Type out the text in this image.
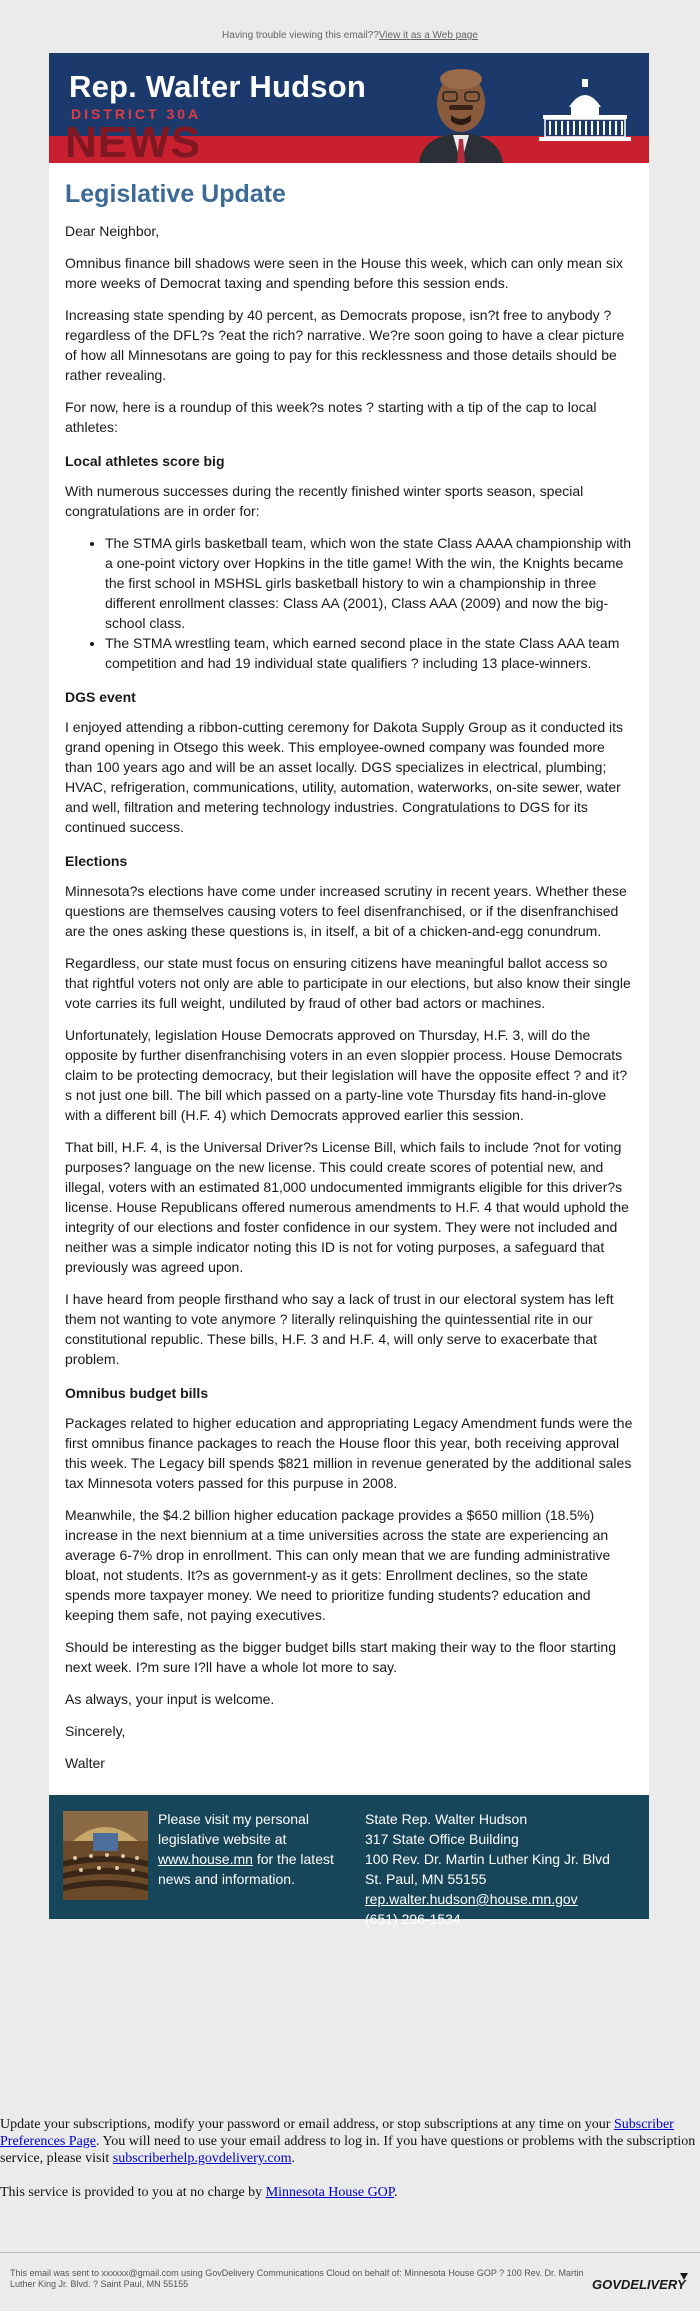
Having trouble viewing this email??View it as a Web page
NEWS
Rep. Walter Hudson
DISTRICT 30A
Legislative Update

Dear Neighbor,

Omnibus finance bill shadows were seen in the House this week, which can only mean six more weeks of Democrat taxing and spending before this session ends.

Increasing state spending by 40 percent, as Democrats propose, isn?t free to anybody ? regardless of the DFL?s ?eat the rich? narrative. We?re soon going to have a clear picture of how all Minnesotans are going to pay for this recklessness and those details should be rather revealing.

For now, here is a roundup of this week?s notes ? starting with a tip of the cap to local athletes:

Local athletes score big

With numerous successes during the recently finished winter sports season, special congratulations are in order for:

• The STMA girls basketball team, which won the state Class AAAA championship with a one-point victory over Hopkins in the title game! With the win, the Knights became the first school in MSHSL girls basketball history to win a championship in three different enrollment classes: Class AA (2001), Class AAA (2009) and now the big-school class.
• The STMA wrestling team, which earned second place in the state Class AAA team competition and had 19 individual state qualifiers ? including 13 place-winners.
DGS event

I enjoyed attending a ribbon-cutting ceremony for Dakota Supply Group as it conducted its grand opening in Otsego this week. This employee-owned company was founded more than 100 years ago and will be an asset locally. DGS specializes in electrical, plumbing; HVAC, refrigeration, communications, utility, automation, waterworks, on-site sewer, water and well, filtration and metering technology industries. Congratulations to DGS for its continued success.

Elections

Minnesota?s elections have come under increased scrutiny in recent years. Whether these questions are themselves causing voters to feel disenfranchised, or if the disenfranchised are the ones asking these questions is, in itself, a bit of a chicken-and-egg conundrum.

Regardless, our state must focus on ensuring citizens have meaningful ballot access so that rightful voters not only are able to participate in our elections, but also know their single vote carries its full weight, undiluted by fraud of other bad actors or machines.

Unfortunately, legislation House Democrats approved on Thursday, H.F. 3, will do the opposite by further disenfranchising voters in an even sloppier process. House Democrats claim to be protecting democracy, but their legislation will have the opposite effect ? and it?s not just one bill. The bill which passed on a party-line vote Thursday fits hand-in-glove with a different bill (H.F. 4) which Democrats approved earlier this session.

That bill, H.F. 4, is the Universal Driver?s License Bill, which fails to include ?not for voting purposes? language on the new license. This could create scores of potential new, and illegal, voters with an estimated 81,000 undocumented immigrants eligible for this driver?s license. House Republicans offered numerous amendments to H.F. 4 that would uphold the integrity of our elections and foster confidence in our system. They were not included and neither was a simple indicator noting this ID is not for voting purposes, a safeguard that previously was agreed upon.

I have heard from people firsthand who say a lack of trust in our electoral system has left them not wanting to vote anymore ? literally relinquishing the quintessential rite in our constitutional republic. These bills, H.F. 3 and H.F. 4, will only serve to exacerbate that problem.

Omnibus budget bills

Packages related to higher education and appropriating Legacy Amendment funds were the first omnibus finance packages to reach the House floor this year, both receiving approval this week. The Legacy bill spends $821 million in revenue generated by the additional sales tax Minnesota voters passed for this purpuse in 2008.

Meanwhile, the $4.2 billion higher education package provides a $650 million (18.5%) increase in the next biennium at a time universities across the state are experiencing an average 6-7% drop in enrollment. This can only mean that we are funding administrative bloat, not students. It?s as government-y as it gets: Enrollment declines, so the state spends more taxpayer money. We need to prioritize funding students? education and keeping them safe, not paying executives.

Should be interesting as the bigger budget bills start making their way to the floor starting next week. I?m sure I?ll have a whole lot more to say.

As always, your input is welcome.

Sincerely,

Walter

Please visit my personal legislative website at www.house.mn for the latest news and information.
State Rep. Walter Hudson
317 State Office Building
100 Rev. Dr. Martin Luther King Jr. Blvd
St. Paul, MN 55155
rep.walter.hudson@house.mn.gov
(651) 296-1534

Update your subscriptions, modify your password or email address, or stop subscriptions at any time on your Subscriber Preferences Page. You will need to use your email address to log in. If you have questions or problems with the subscription service, please visit subscriberhelp.govdelivery.com.

This service is provided to you at no charge by Minnesota House GOP.

This email was sent to xxxxxx@gmail.com using GovDelivery Communications Cloud on behalf of: Minnesota House GOP ? 100 Rev. Dr. Martin Luther King Jr. Blvd. ? Saint Paul, MN 55155	GOVDELIVERY
